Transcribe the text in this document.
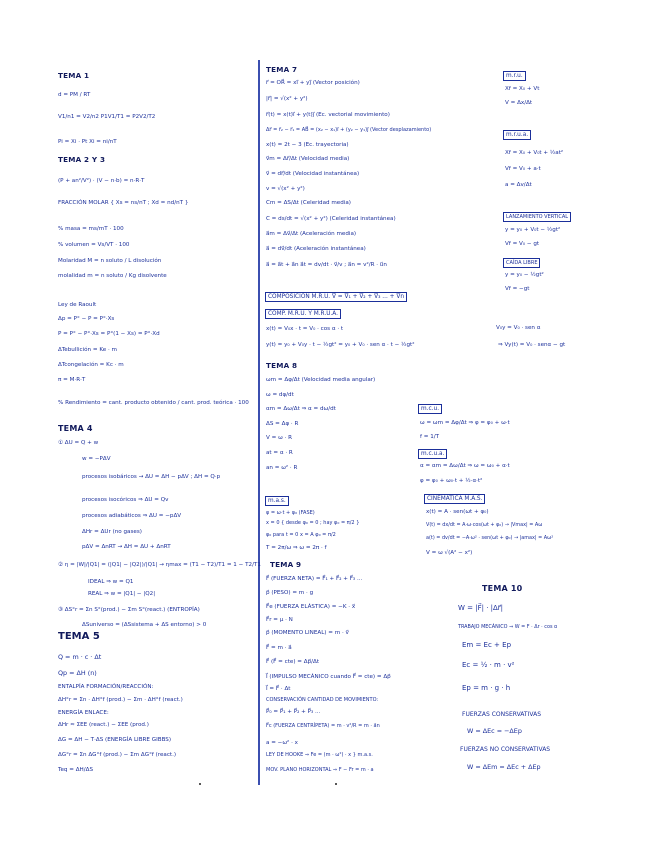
TEMA 1
d = PM / RT
V1/n1 = V2/n2 P1V1/T1 = P2V2/T2
Pi = Xi · Pt Xi = ni/nT
TEMA 2 Y 3
(P + an²/V²) · (V − n·b) = n·R·T
FRACCIÓN MOLAR { Xs = ns/nT ; Xd = nd/nT }
% masa = ms/mT · 100
% volumen = Vs/VT · 100
Molaridad M = n soluto / L disolución
molalidad m = n soluto / Kg disolvente
Ley de Raoult
Δp = P° − P = P°·Xs
P = P° − P°·Xs = P°(1 − Xs) = P°·Xd
ΔTebullición = Ke · m
ΔTcongelación = Kc · m
π = M·R·T
% Rendimiento = cant. producto obtenido / cant. prod. teórica · 100
TEMA 4
① ΔU = Q + w
w = −PΔV
procesos isobáricos → ΔU = ΔH − pΔV ; ΔH = Q·p
procesos isocóricos ⇒ ΔU = Qv
procesos adiabáticos ⇒ ΔU = −pΔV
ΔHr = ΔUr (no gases)
pΔV = ΔnRT → ΔH = ΔU + ΔnRT
② η = |W|/|Q1| = (|Q1| − |Q2|)/|Q1| → ηmax = (T1 − T2)/T1 = 1 − T2/T1
IDEAL ⇒ w = Q1
REAL ⇒ w = |Q1| − |Q2|
③ ΔS°r = Σn S°(prod.) − Σm S°(react.) (ENTROPÍA)
ΔSuniverso = (ΔSsistema + ΔS entorno) > 0
TEMA 5
Q = m · c · Δt
Qp = ΔH (n)
ENTALPÍA FORMACIÓN/REACCIÓN:
ΔH°r = Σn · ΔH°f (prod.) − Σm · ΔH°f (react.)
ENERGÍA ENLACE:
ΔHr ≈ ΣEE (react.) − ΣEE (prod.)
ΔG = ΔH − T·ΔS (ENERGÍA LIBRE GIBBS)
ΔG°r = Σn ΔG°f (prod.) − Σm ΔG°f (react.)
Teq = ΔH/ΔS
TEMA 7
r⃗ = OR⃗ = xi⃗ + yj⃗ (Vector posición)
|r⃗| = √(x² + y²)
r⃗(t) = x(t)i⃗ + y(t)j⃗ (Ec. vectorial movimiento)
Δr⃗ = r⃗₂ − r⃗₁ = AB⃗ = (x₂ − x₁)i⃗ + (y₂ − y₁)j⃗ (Vector desplazamiento)
x(t) = 2t − 3 (Ec. trayectoria)
v⃗m = Δr⃗/Δt (Velocidad media)
v⃗ = dr⃗/dt (Velocidad instantánea)
v = √(x² + y²)
Cm = ΔS/Δt (Celeridad media)
C = ds/dt = √(x² + y²) (Celeridad instantánea)
a⃗m = Δv⃗/Δt (Aceleración media)
a⃗ = dv⃗/dt (Aceleración instantánea)
a⃗ = a⃗t + a⃗n a⃗t = dv/dt · v⃗/v ; a⃗n = v²/R · u⃗n
COMPOSICIÓN M.R.U. V⃗ = V⃗₁ + V⃗₂ + V⃗₃ ... + V⃗n
COMP. M.R.U. Y M.R.U.A.
x(t) = V₀x · t = V₀ · cos α · t
y(t) = y₀ + V₀y · t − ½gt² = y₀ + V₀ · sen α · t − ½gt²
TEMA 8
ωm = Δφ/Δt (Velocidad media angular)
ω = dφ/dt
αm = Δω/Δt ⇒ α = dω/dt
ΔS = Δφ · R
V = ω · R
at = α · R
an = ω² · R
m.a.s.
φ = ω·t + φ₀ (FASE)
x = 0 { desde φ₀ = 0 ; hay φ₀ = π/2 }
φ₀ para t = 0 x = A φ₀ = π/2
T = 2π/ω ⇒ ω = 2π · f
TEMA 9
F⃗ (FUERZA NETA) = F⃗₁ + F⃗₂ + F⃗₃ ...
p⃗ (PESO) = m · g
F⃗e (FUERZA ELÁSTICA) = −K · x⃗
F⃗r = μ · N
p⃗ (MOMENTO LINEAL) = m · v⃗
F⃗ = m · a⃗
F⃗ (F⃗ = cte) = Δp⃗/Δt
I⃗ (IMPULSO MECÁNICO cuando F⃗ = cte) = Δp⃗
I⃗ = F⃗ · Δt
CONSERVACIÓN CANTIDAD DE MOVIMIENTO:
P⃗₀ = P⃗₁ + P⃗₂ + P⃗₃ ...
F⃗c (FUERZA CENTRÍPETA) = m · v²/R = m · a⃗n
a = −ω² · x
LEY DE HOOKE ⇒ Fe = (m · ω²) · x } m.a.s.
MOV. PLANO HORIZONTAL ⇒ F − Fr = m · a
m.r.u.
Xf = X₀ + Vt
V = Δx/Δt
m.r.u.a.
Xf = X₀ + V₀t + ½at²
Vf = V₀ + a·t
a = Δv/Δt
LANZAMIENTO VERTICAL
y = y₀ + V₀t − ½gt²
Vf = V₀ − gt
CAÍDA LIBRE
y = y₀ − ½gt²
Vf = −gt
V₀y = V₀ · sen α
⇒ Vy(t) = V₀ · senα − gt
m.c.u.
ω = ωm = Δφ/Δt ⇒ φ = φ₀ + ω·t
f = 1/T
m.c.u.a.
α = αm = Δω/Δt ⇒ ω = ω₀ + α·t
φ = φ₀ + ω₀·t + ½·α·t²
CINEMÁTICA M.A.S.
x(t) = A · sen(ωt + φ₀)
V(t) = dx/dt = A·ω·cos(ωt + φ₀) → |Vmax| = Aω
a(t) = dv/dt = −A·ω² · sen(ωt + φ₀) → |amax| = Aω²
V = ω √(A² − x²)
TEMA 10
W = |F⃗| · |Δr⃗|
TRABAJO MECÁNICO ⇒ W = F · Δr · cos α
Em = Ec + Ep
Ec = ½ · m · v²
Ep = m · g · h
FUERZAS CONSERVATIVAS
W = ΔEc = −ΔEp
FUERZAS NO CONSERVATIVAS
W = ΔEm = ΔEc + ΔEp
